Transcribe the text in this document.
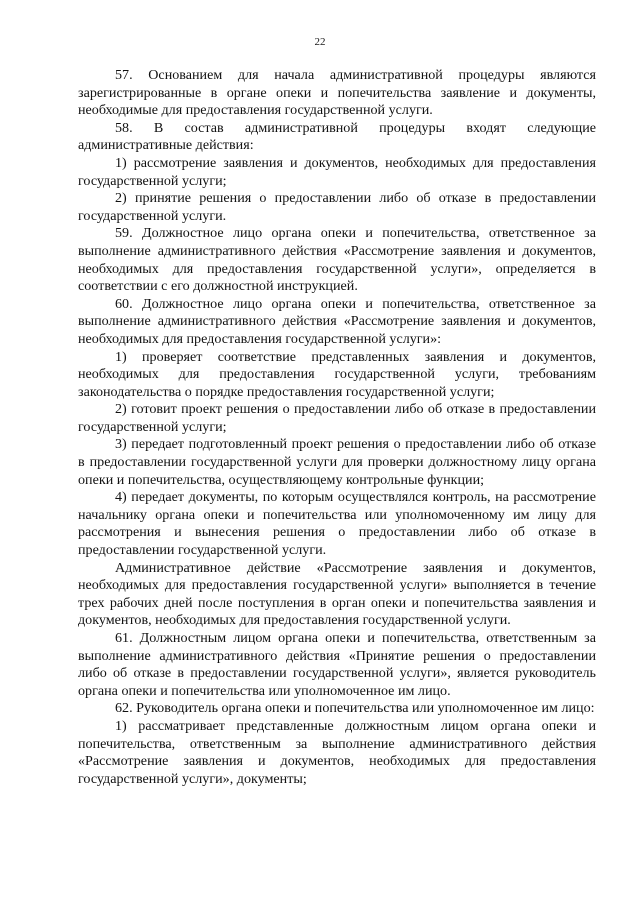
22

57. Основанием для начала административной процедуры являются зарегистрированные в органе опеки и попечительства заявление и документы, необходимые для предоставления государственной услуги.

58. В состав административной процедуры входят следующие административные действия:

1) рассмотрение заявления и документов, необходимых для предоставления государственной услуги;

2) принятие решения о предоставлении либо об отказе в предоставлении государственной услуги.

59. Должностное лицо органа опеки и попечительства, ответственное за выполнение административного действия «Рассмотрение заявления и документов, необходимых для предоставления государственной услуги», определяется в соответствии с его должностной инструкцией.

60. Должностное лицо органа опеки и попечительства, ответственное за выполнение административного действия «Рассмотрение заявления и документов, необходимых для предоставления государственной услуги»:

1) проверяет соответствие представленных заявления и документов, необходимых для предоставления государственной услуги, требованиям законодательства о порядке предоставления государственной услуги;

2) готовит проект решения о предоставлении либо об отказе в предоставлении государственной услуги;

3) передает подготовленный проект решения о предоставлении либо об отказе в предоставлении государственной услуги для проверки должностному лицу органа опеки и попечительства, осуществляющему контрольные функции;

4) передает документы, по которым осуществлялся контроль, на рассмотрение начальнику органа опеки и попечительства или уполномоченному им лицу для рассмотрения и вынесения решения о предоставлении либо об отказе в предоставлении государственной услуги.

Административное действие «Рассмотрение заявления и документов, необходимых для предоставления государственной услуги» выполняется в течение трех рабочих дней после поступления в орган опеки и попечительства заявления и документов, необходимых для предоставления государственной услуги.

61. Должностным лицом органа опеки и попечительства, ответственным за выполнение административного действия «Принятие решения о предоставлении либо об отказе в предоставлении государственной услуги», является руководитель органа опеки и попечительства или уполномоченное им лицо.

62. Руководитель органа опеки и попечительства или уполномоченное им лицо:

1) рассматривает представленные должностным лицом органа опеки и попечительства, ответственным за выполнение административного действия «Рассмотрение заявления и документов, необходимых для предоставления государственной услуги», документы;
